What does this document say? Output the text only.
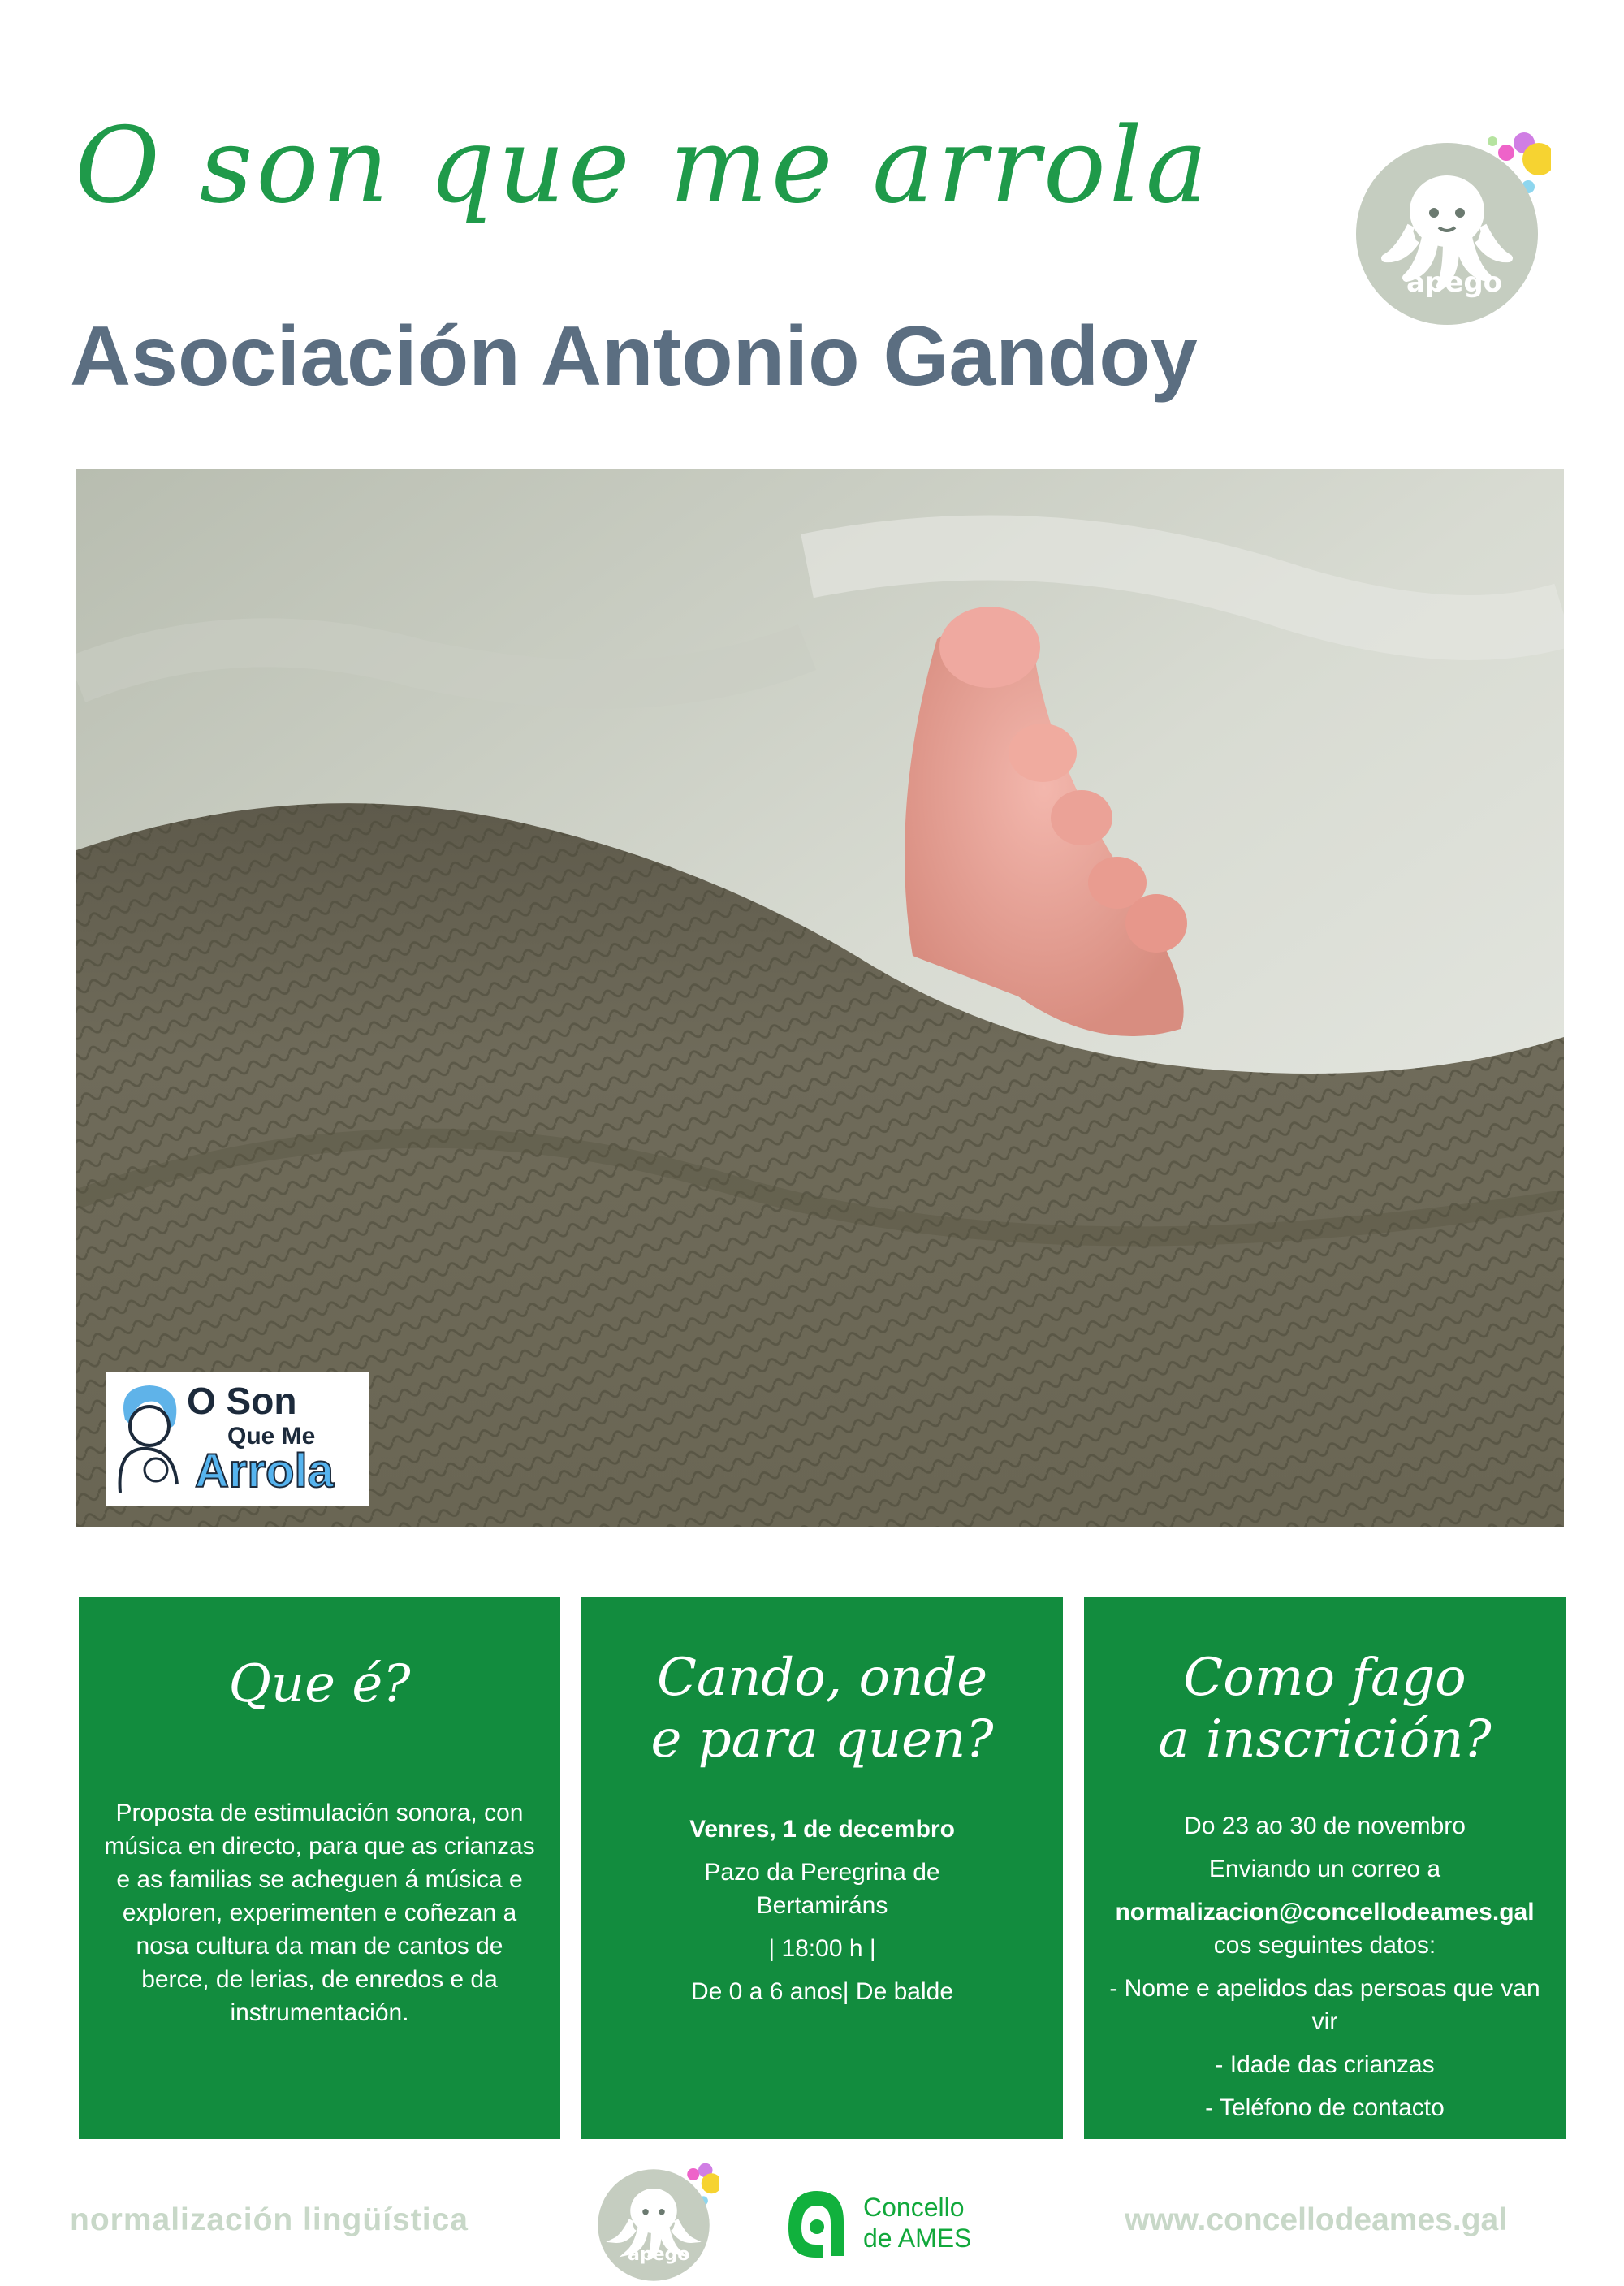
O son que me arrola
Asociación Antonio Gandoy
apego
O Son
Que Me
Arrola
Que é?

Proposta de estimulación sonora, con música en directo, para que as crianzas e as familias se acheguen á música e exploren, experimenten e coñezan a nosa cultura da man de cantos de berce, de lerias, de enredos e da instrumentación.

Cando, onde
e para quen?

Venres, 1 de decembro

Pazo da Peregrina de Bertamiráns

| 18:00 h |

De 0 a 6 anos| De balde

Como fago
a inscrición?

Do 23 ao 30 de novembro

Enviando un correo a

normalizacion@concellodeames.gal

cos seguintes datos:

- Nome e apelidos das persoas que van vir

- Idade das crianzas

- Teléfono de contacto

normalización lingüística
apego
Concello
de AMES
www.concellodeames.gal
